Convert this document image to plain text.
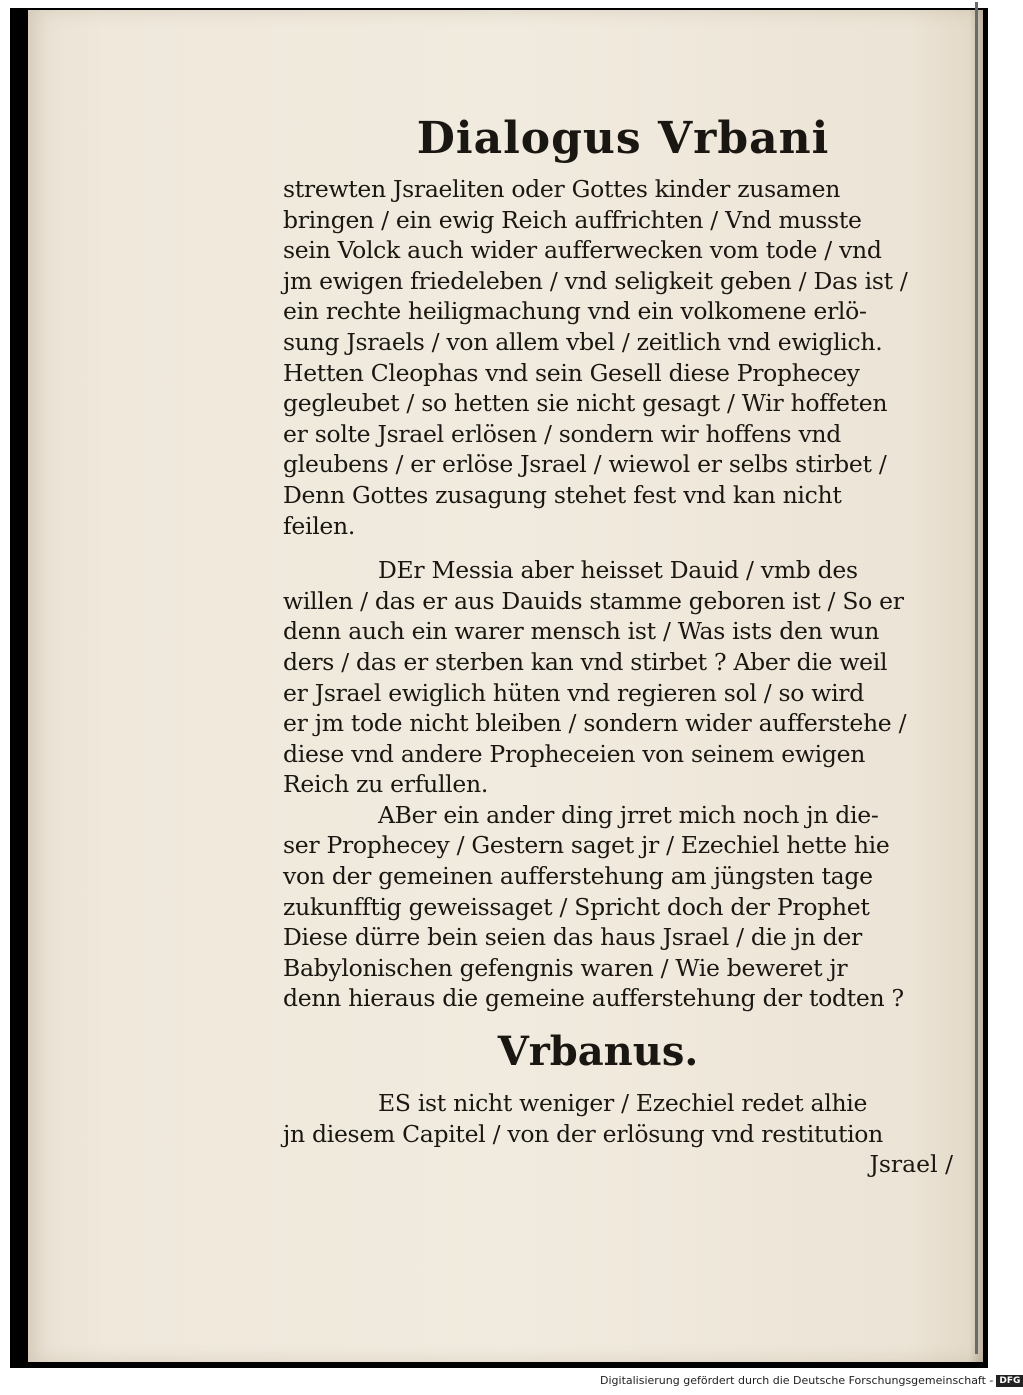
Dialogus Vrbani
strewten Jsraeliten oder Gottes kinder zusamen
bringen / ein ewig Reich auffrichten / Vnd musste
sein Volck auch wider aufferwecken vom tode / vnd
jm ewigen friedeleben / vnd seligkeit geben / Das ist /
ein rechte heiligmachung vnd ein volkomene erlö-
sung Jsraels / von allem vbel / zeitlich vnd ewiglich.
Hetten Cleophas vnd sein Gesell diese Prophecey
gegleubet / so hetten sie nicht gesagt / Wir hoffeten
er solte Jsrael erlösen / sondern wir hoffens vnd
gleubens / er erlöse Jsrael / wiewol er selbs stirbet /
Denn Gottes zusagung stehet fest vnd kan nicht
feilen.
DEr Messia aber heisset Dauid / vmb des
willen / das er aus Dauids stamme geboren ist / So er
denn auch ein warer mensch ist / Was ists den wun
ders / das er sterben kan vnd stirbet ? Aber die weil
er Jsrael ewiglich hüten vnd regieren sol / so wird
er jm tode nicht bleiben / sondern wider aufferstehe /
diese vnd andere Propheceien von seinem ewigen
Reich zu erfullen.
ABer ein ander ding jrret mich noch jn die-
ser Prophecey / Gestern saget jr / Ezechiel hette hie
von der gemeinen aufferstehung am jüngsten tage
zukunfftig geweissaget / Spricht doch der Prophet
Diese dürre bein seien das haus Jsrael / die jn der
Babylonischen gefengnis waren / Wie beweret jr
denn hieraus die gemeine aufferstehung der todten ?
Vrbanus.
ES ist nicht weniger / Ezechiel redet alhie
jn diesem Capitel / von der erlösung vnd restitution
Jsrael /
Digitalisierung gefördert durch die Deutsche Forschungsgemeinschaft - DFG
